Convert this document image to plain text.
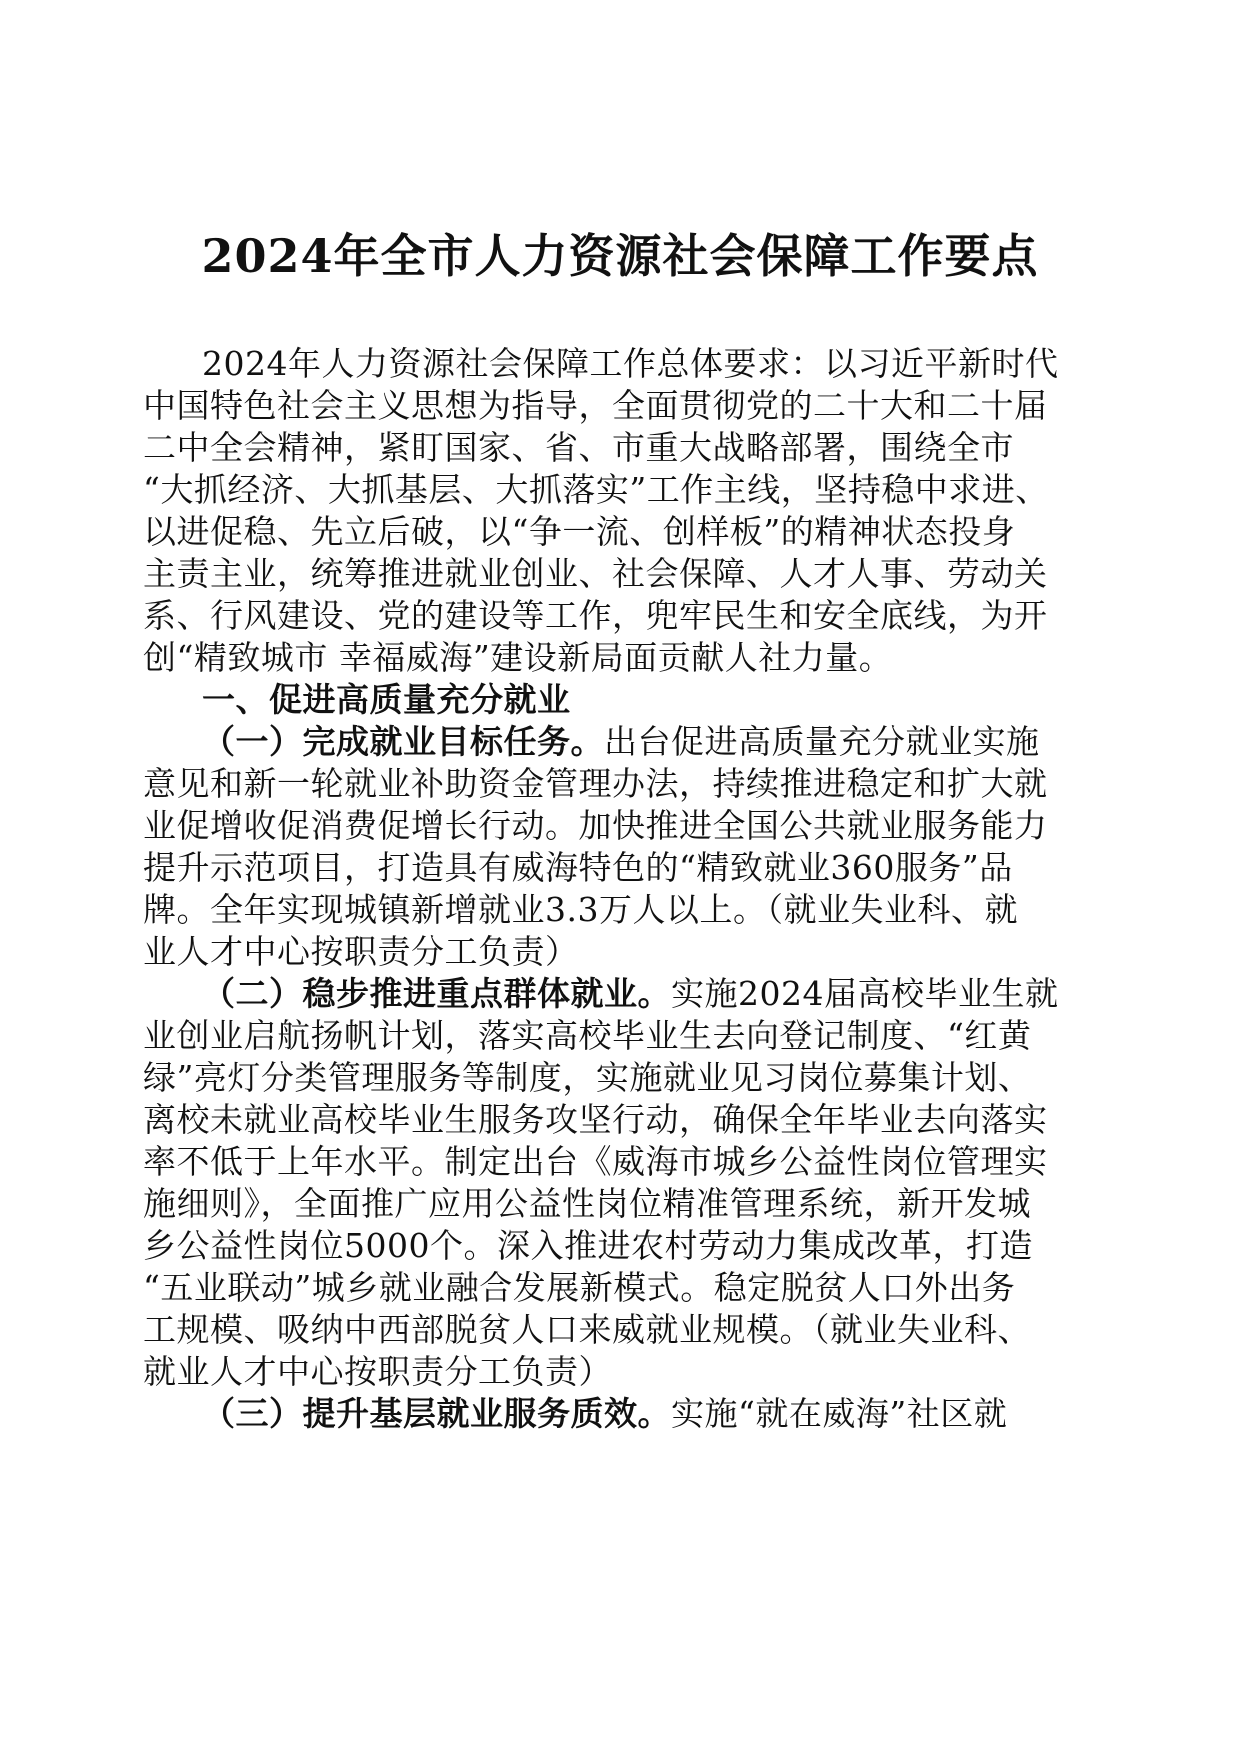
2024年全市人力资源社会保障工作要点
2024年人力资源社会保障工作总体要求：以习近平新时代
中国特色社会主义思想为指导，全面贯彻党的二十大和二十届
二中全会精神，紧盯国家、省、市重大战略部署，围绕全市
“大抓经济、大抓基层、大抓落实”工作主线，坚持稳中求进、
以进促稳、先立后破，以“争一流、创样板”的精神状态投身
主责主业，统筹推进就业创业、社会保障、人才人事、劳动关
系、行风建设、党的建设等工作，兜牢民生和安全底线，为开
创“精致城市 幸福威海”建设新局面贡献人社力量。
一、促进高质量充分就业
（一）完成就业目标任务。出台促进高质量充分就业实施
意见和新一轮就业补助资金管理办法，持续推进稳定和扩大就
业促增收促消费促增长行动。加快推进全国公共就业服务能力
提升示范项目，打造具有威海特色的“精致就业360服务”品
牌。全年实现城镇新增就业3.3万人以上。（就业失业科、就
业人才中心按职责分工负责）
（二）稳步推进重点群体就业。实施2024届高校毕业生就
业创业启航扬帆计划，落实高校毕业生去向登记制度、“红黄
绿”亮灯分类管理服务等制度，实施就业见习岗位募集计划、
离校未就业高校毕业生服务攻坚行动，确保全年毕业去向落实
率不低于上年水平。制定出台《威海市城乡公益性岗位管理实
施细则》，全面推广应用公益性岗位精准管理系统，新开发城
乡公益性岗位5000个。深入推进农村劳动力集成改革，打造
“五业联动”城乡就业融合发展新模式。稳定脱贫人口外出务
工规模、吸纳中西部脱贫人口来威就业规模。（就业失业科、
就业人才中心按职责分工负责）
（三）提升基层就业服务质效。实施“就在威海”社区就
